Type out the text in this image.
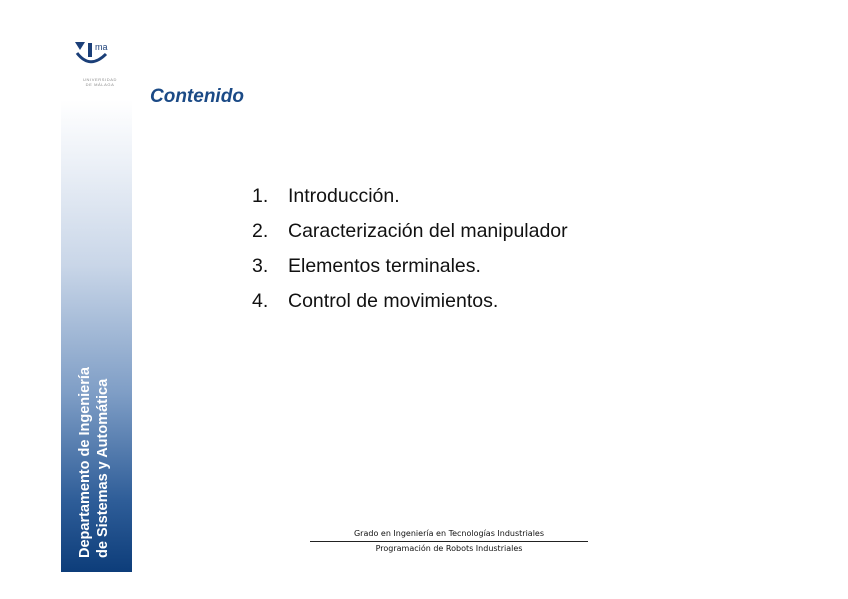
Departamento de Ingeniería de Sistemas y Automática
ma
UNIVERSIDAD
DE MÁLAGA
Contenido
1. Introducción.
2. Caracterización del manipulador
3. Elementos terminales.
4. Control de movimientos.
Grado en Ingeniería en Tecnologías Industriales
Programación de Robots Industriales
